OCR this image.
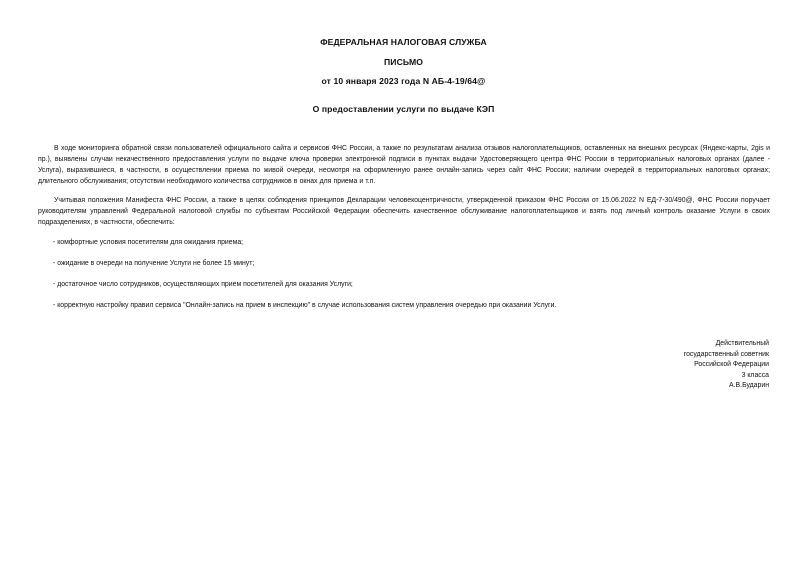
ФЕДЕРАЛЬНАЯ НАЛОГОВАЯ СЛУЖБА
ПИСЬМО
от 10 января 2023 года N АБ-4-19/64@
О предоставлении услуги по выдаче КЭП
В ходе мониторинга обратной связи пользователей официального сайта и сервисов ФНС России, а также по результатам анализа отзывов налогоплательщиков, оставленных на внешних ресурсах (Яндекс-карты, 2gis и пр.), выявлены случаи некачественного предоставления услуги по выдаче ключа проверки электронной подписи в пунктах выдачи Удостоверяющего центра ФНС России в территориальных налоговых органах (далее - Услуга), выразившиеся, в частности, в осуществлении приема по живой очереди, несмотря на оформленную ранее онлайн-запись через сайт ФНС России; наличии очередей в территориальных налоговых органах; длительного обслуживания; отсутствии необходимого количества сотрудников в окнах для приема и т.п.
Учитывая положения Манифеста ФНС России, а также в целях соблюдения принципов Декларации человекоцентричности, утвержденной приказом ФНС России от 15.06.2022 N ЕД-7-30/490@, ФНС России поручает руководителям управлений Федеральной налоговой службы по субъектам Российской Федерации обеспечить качественное обслуживание налогоплательщиков и взять под личный контроль оказание Услуги в своих подразделениях, в частности, обеспечить:
- комфортные условия посетителям для ожидания приема;
- ожидание в очереди на получение Услуги не более 15 минут;
- достаточное число сотрудников, осуществляющих прием посетителей для оказания Услуги;
- корректную настройку правил сервиса "Онлайн-запись на прием в инспекцию" в случае использования систем управления очередью при оказании Услуги.
Действительный
государственный советник
Российской Федерации
3 класса
А.В.Бударин
